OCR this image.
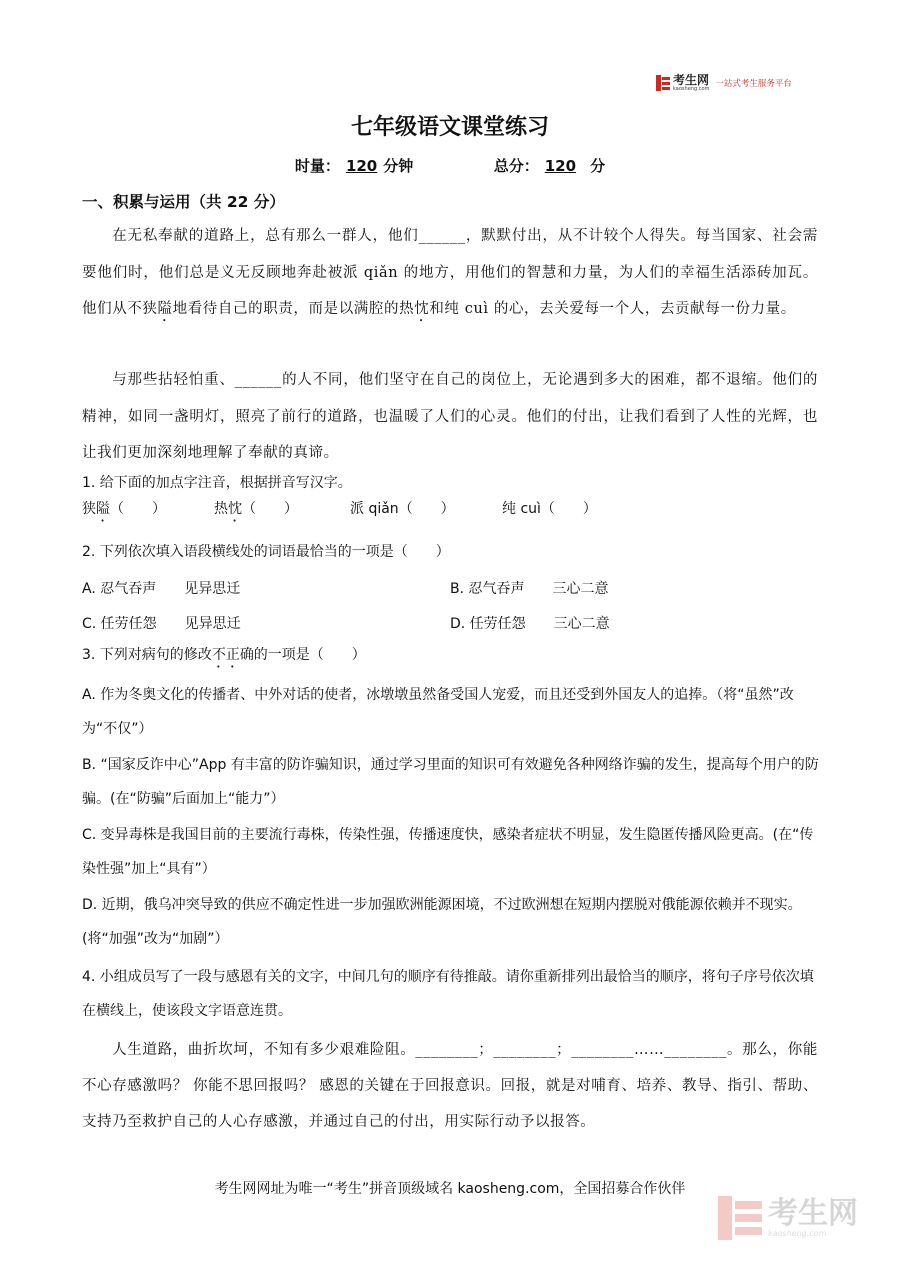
考生网
kaosheng.com 一站式考生服务平台
七年级语文课堂练习
时量： 120 分钟	总分： 120 分
一、积累与运用（共 22 分）
在无私奉献的道路上，总有那么一群人，他们______，默默付出，从不计较个人得失。每当国家、社会需要他们时，他们总是义无反顾地奔赴被派 qiǎn 的地方，用他们的智慧和力量，为人们的幸福生活添砖加瓦。他们从不狭隘地看待自己的职责，而是以满腔的热忱和纯 cuì 的心，去关爱每一个人，去贡献每一份力量。
与那些拈轻怕重、______的人不同，他们坚守在自己的岗位上，无论遇到多大的困难，都不退缩。他们的精神，如同一盏明灯，照亮了前行的道路，也温暖了人们的心灵。他们的付出，让我们看到了人性的光辉，也让我们更加深刻地理解了奉献的真谛。
1. 给下面的加点字注音，根据拼音写汉字。
狭隘（　　）	热忱（　　）	派 qiǎn（　　）	纯 cuì（　　）
2. 下列依次填入语段横线处的词语最恰当的一项是（　　）
A. 忍气吞声　　见异思迁	B. 忍气吞声　　三心二意
C. 任劳任怨　　见异思迁	D. 任劳任怨　　三心二意
3. 下列对病句的修改不正确的一项是（　　）
A. 作为冬奥文化的传播者、中外对话的使者，冰墩墩虽然备受国人宠爱，而且还受到外国友人的追捧。（将“虽然”改为“不仅”）
B. “国家反诈中心”App 有丰富的防诈骗知识，通过学习里面的知识可有效避免各种网络诈骗的发生，提高每个用户的防骗。(在“防骗”后面加上“能力”）
C. 变异毒株是我国目前的主要流行毒株，传染性强，传播速度快，感染者症状不明显，发生隐匿传播风险更高。(在“传染性强”加上“具有”）
D. 近期，俄乌冲突导致的供应不确定性进一步加强欧洲能源困境，不过欧洲想在短期内摆脱对俄能源依赖并不现实。(将“加强”改为“加剧”）
4. 小组成员写了一段与感恩有关的文字，中间几句的顺序有待推敲。请你重新排列出最恰当的顺序，将句子序号依次填在横线上，使该段文字语意连贯。
人生道路，曲折坎坷，不知有多少艰难险阻。________；________；________……________。那么，你能不心存感激吗？ 你能不思回报吗？ 感恩的关键在于回报意识。回报，就是对哺育、培养、教导、指引、帮助、支持乃至救护自己的人心存感激，并通过自己的付出，用实际行动予以报答。
考生网网址为唯一“考生”拼音顶级域名 kaosheng.com，全国招募合作伙伴
考生网
kaosheng.com
